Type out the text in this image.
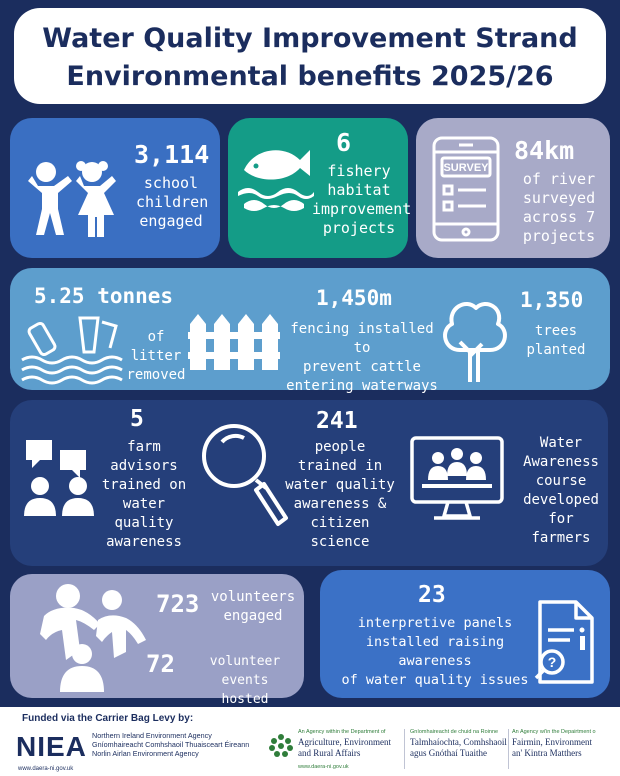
Water Quality Improvement Strand
Environmental benefits 2025/26
3,114
school
children
engaged
6
fishery
habitat
improvement
projects
SURVEY
84km
of river
surveyed
across 7
projects
5.25 tonnes
of litter
removed
1,450m
fencing installed to
prevent cattle
entering waterways
1,350
trees
planted
5
farm
advisors
trained on
water
quality
awareness
241
people
trained in
water quality
awareness &
citizen
science
Water
Awareness
course
developed
for farmers
723 volunteers
engaged
72	volunteer events
hosted
23
interpretive panels
installed raising awareness
of water quality issues
?
Funded via the Carrier Bag Levy by:
NIEA Northern Ireland Environment Agency
Gníomhaireacht Comhshaoil Thuaisceart Éireann
Norlin Airlan Environment Agency
www.daera-ni.gov.uk
An Agency within the Department of
Agriculture, Environment
and Rural Affairs
www.daera-ni.gov.uk
Gníomhaireacht de chuid na Roinne
Talmhaíochta, Comhshaoil
agus Gnóthaí Tuaithe
An Agency wi'in the Depairtment o
Fairmin, Environment
an' Kintra Matthers
